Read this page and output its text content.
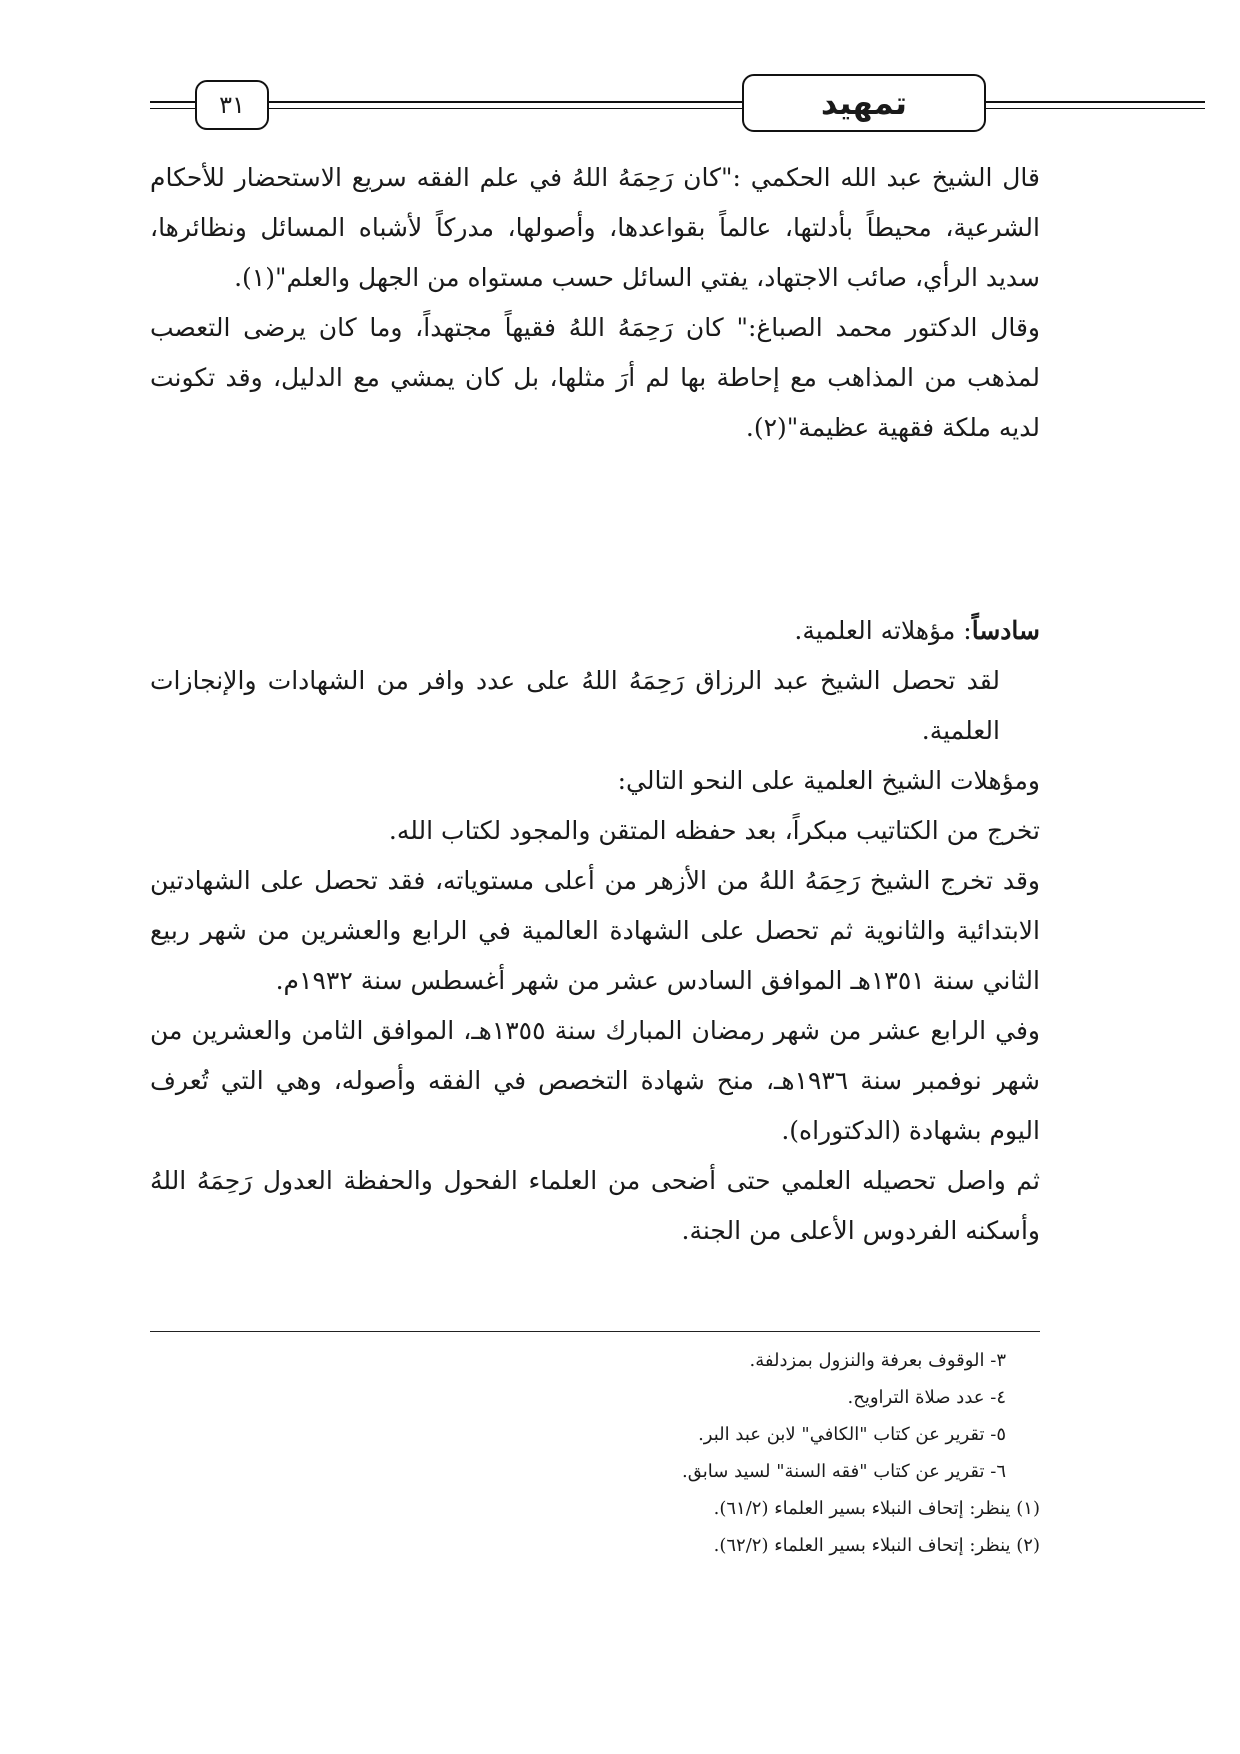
٣١	تمهيد

قال الشيخ عبد الله الحكمي :"كان رَحِمَهُ اللهُ في علم الفقه سريع الاستحضار للأحكام الشرعية، محيطاً بأدلتها، عالماً بقواعدها، وأصولها، مدركاً لأشباه المسائل ونظائرها، سديد الرأي، صائب الاجتهاد، يفتي السائل حسب مستواه من الجهل والعلم"(١).

وقال الدكتور محمد الصباغ:" كان رَحِمَهُ اللهُ فقيهاً مجتهداً، وما كان يرضى التعصب لمذهب من المذاهب مع إحاطة بها لم أرَ مثلها، بل كان يمشي مع الدليل، وقد تكونت لديه ملكة فقهية عظيمة"(٢).

سادساً: مؤهلاته العلمية.

لقد تحصل الشيخ عبد الرزاق رَحِمَهُ اللهُ على عدد وافر من الشهادات والإنجازات العلمية.

ومؤهلات الشيخ العلمية على النحو التالي:

تخرج من الكتاتيب مبكراً، بعد حفظه المتقن والمجود لكتاب الله.

وقد تخرج الشيخ رَحِمَهُ اللهُ من الأزهر من أعلى مستوياته، فقد تحصل على الشهادتين الابتدائية والثانوية ثم تحصل على الشهادة العالمية في الرابع والعشرين من شهر ربيع الثاني سنة ١٣٥١هـ الموافق السادس عشر من شهر أغسطس سنة ١٩٣٢م.

وفي الرابع عشر من شهر رمضان المبارك سنة ١٣٥٥هـ، الموافق الثامن والعشرين من شهر نوفمبر سنة ١٩٣٦هـ، منح شهادة التخصص في الفقه وأصوله، وهي التي تُعرف اليوم بشهادة (الدكتوراه).

ثم واصل تحصيله العلمي حتى أضحى من العلماء الفحول والحفظة العدول رَحِمَهُ اللهُ وأسكنه الفردوس الأعلى من الجنة.

٣- الوقوف بعرفة والنزول بمزدلفة.

٤- عدد صلاة التراويح.

٥- تقرير عن كتاب "الكافي" لابن عبد البر.

٦- تقرير عن كتاب "فقه السنة" لسيد سابق.

(١) ينظر: إتحاف النبلاء بسير العلماء (٦١/٢).

(٢) ينظر: إتحاف النبلاء بسير العلماء (٦٢/٢).
